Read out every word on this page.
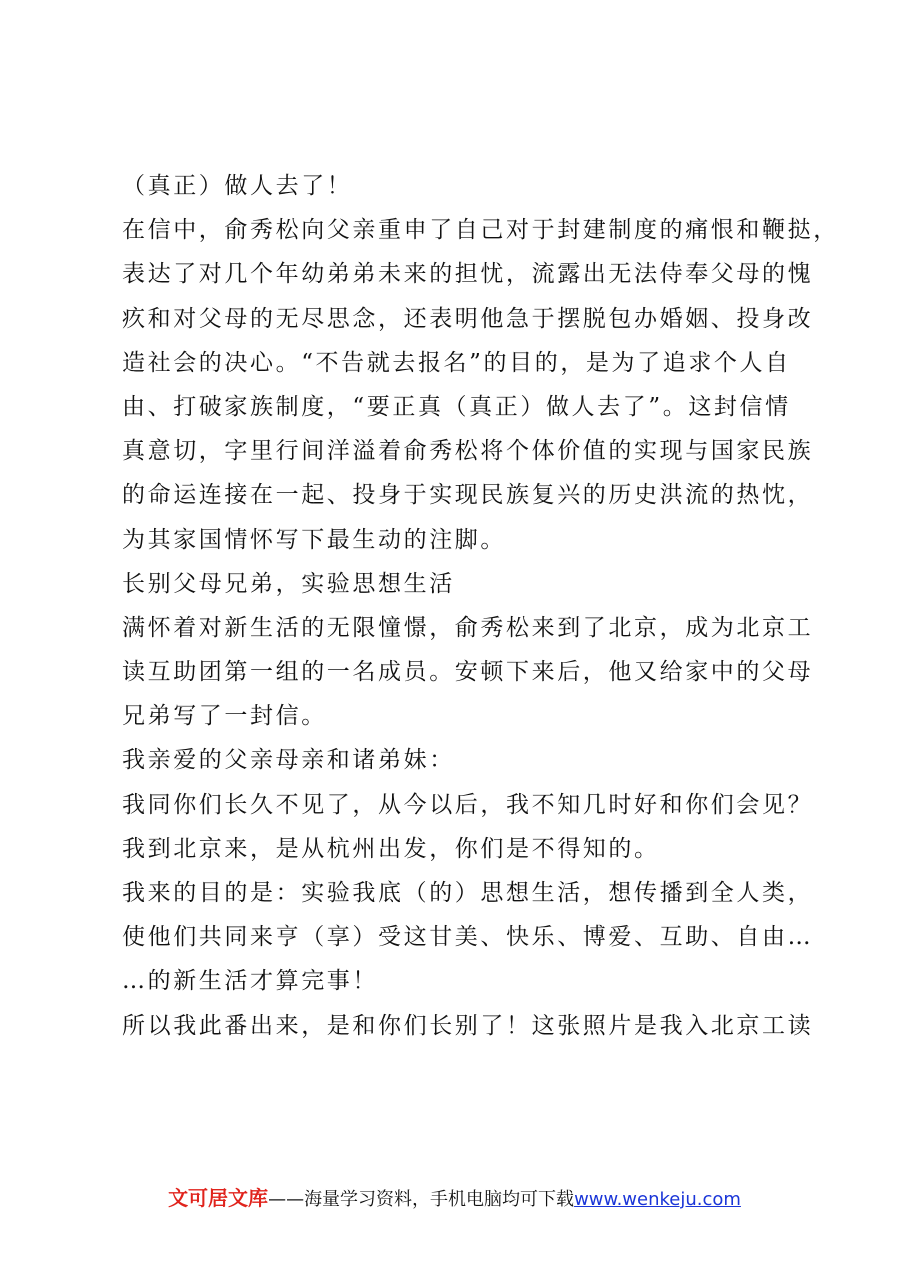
（真正）做人去了！
在信中，俞秀松向父亲重申了自己对于封建制度的痛恨和鞭挞，
表达了对几个年幼弟弟未来的担忧，流露出无法侍奉父母的愧
疚和对父母的无尽思念，还表明他急于摆脱包办婚姻、投身改
造社会的决心。“不告就去报名”的目的，是为了追求个人自
由、打破家族制度，“要正真（真正）做人去了”。这封信情
真意切，字里行间洋溢着俞秀松将个体价值的实现与国家民族
的命运连接在一起、投身于实现民族复兴的历史洪流的热忱，
为其家国情怀写下最生动的注脚。
长别父母兄弟，实验思想生活
满怀着对新生活的无限憧憬，俞秀松来到了北京，成为北京工
读互助团第一组的一名成员。安顿下来后，他又给家中的父母
兄弟写了一封信。
我亲爱的父亲母亲和诸弟妹：
我同你们长久不见了，从今以后，我不知几时好和你们会见？
我到北京来，是从杭州出发，你们是不得知的。
我来的目的是：实验我底（的）思想生活，想传播到全人类，
使他们共同来亨（享）受这甘美、快乐、博爱、互助、自由…
…的新生活才算完事！
所以我此番出来，是和你们长别了！这张照片是我入北京工读
文可居文库——海量学习资料，手机电脑均可下载www.wenkeju.com
